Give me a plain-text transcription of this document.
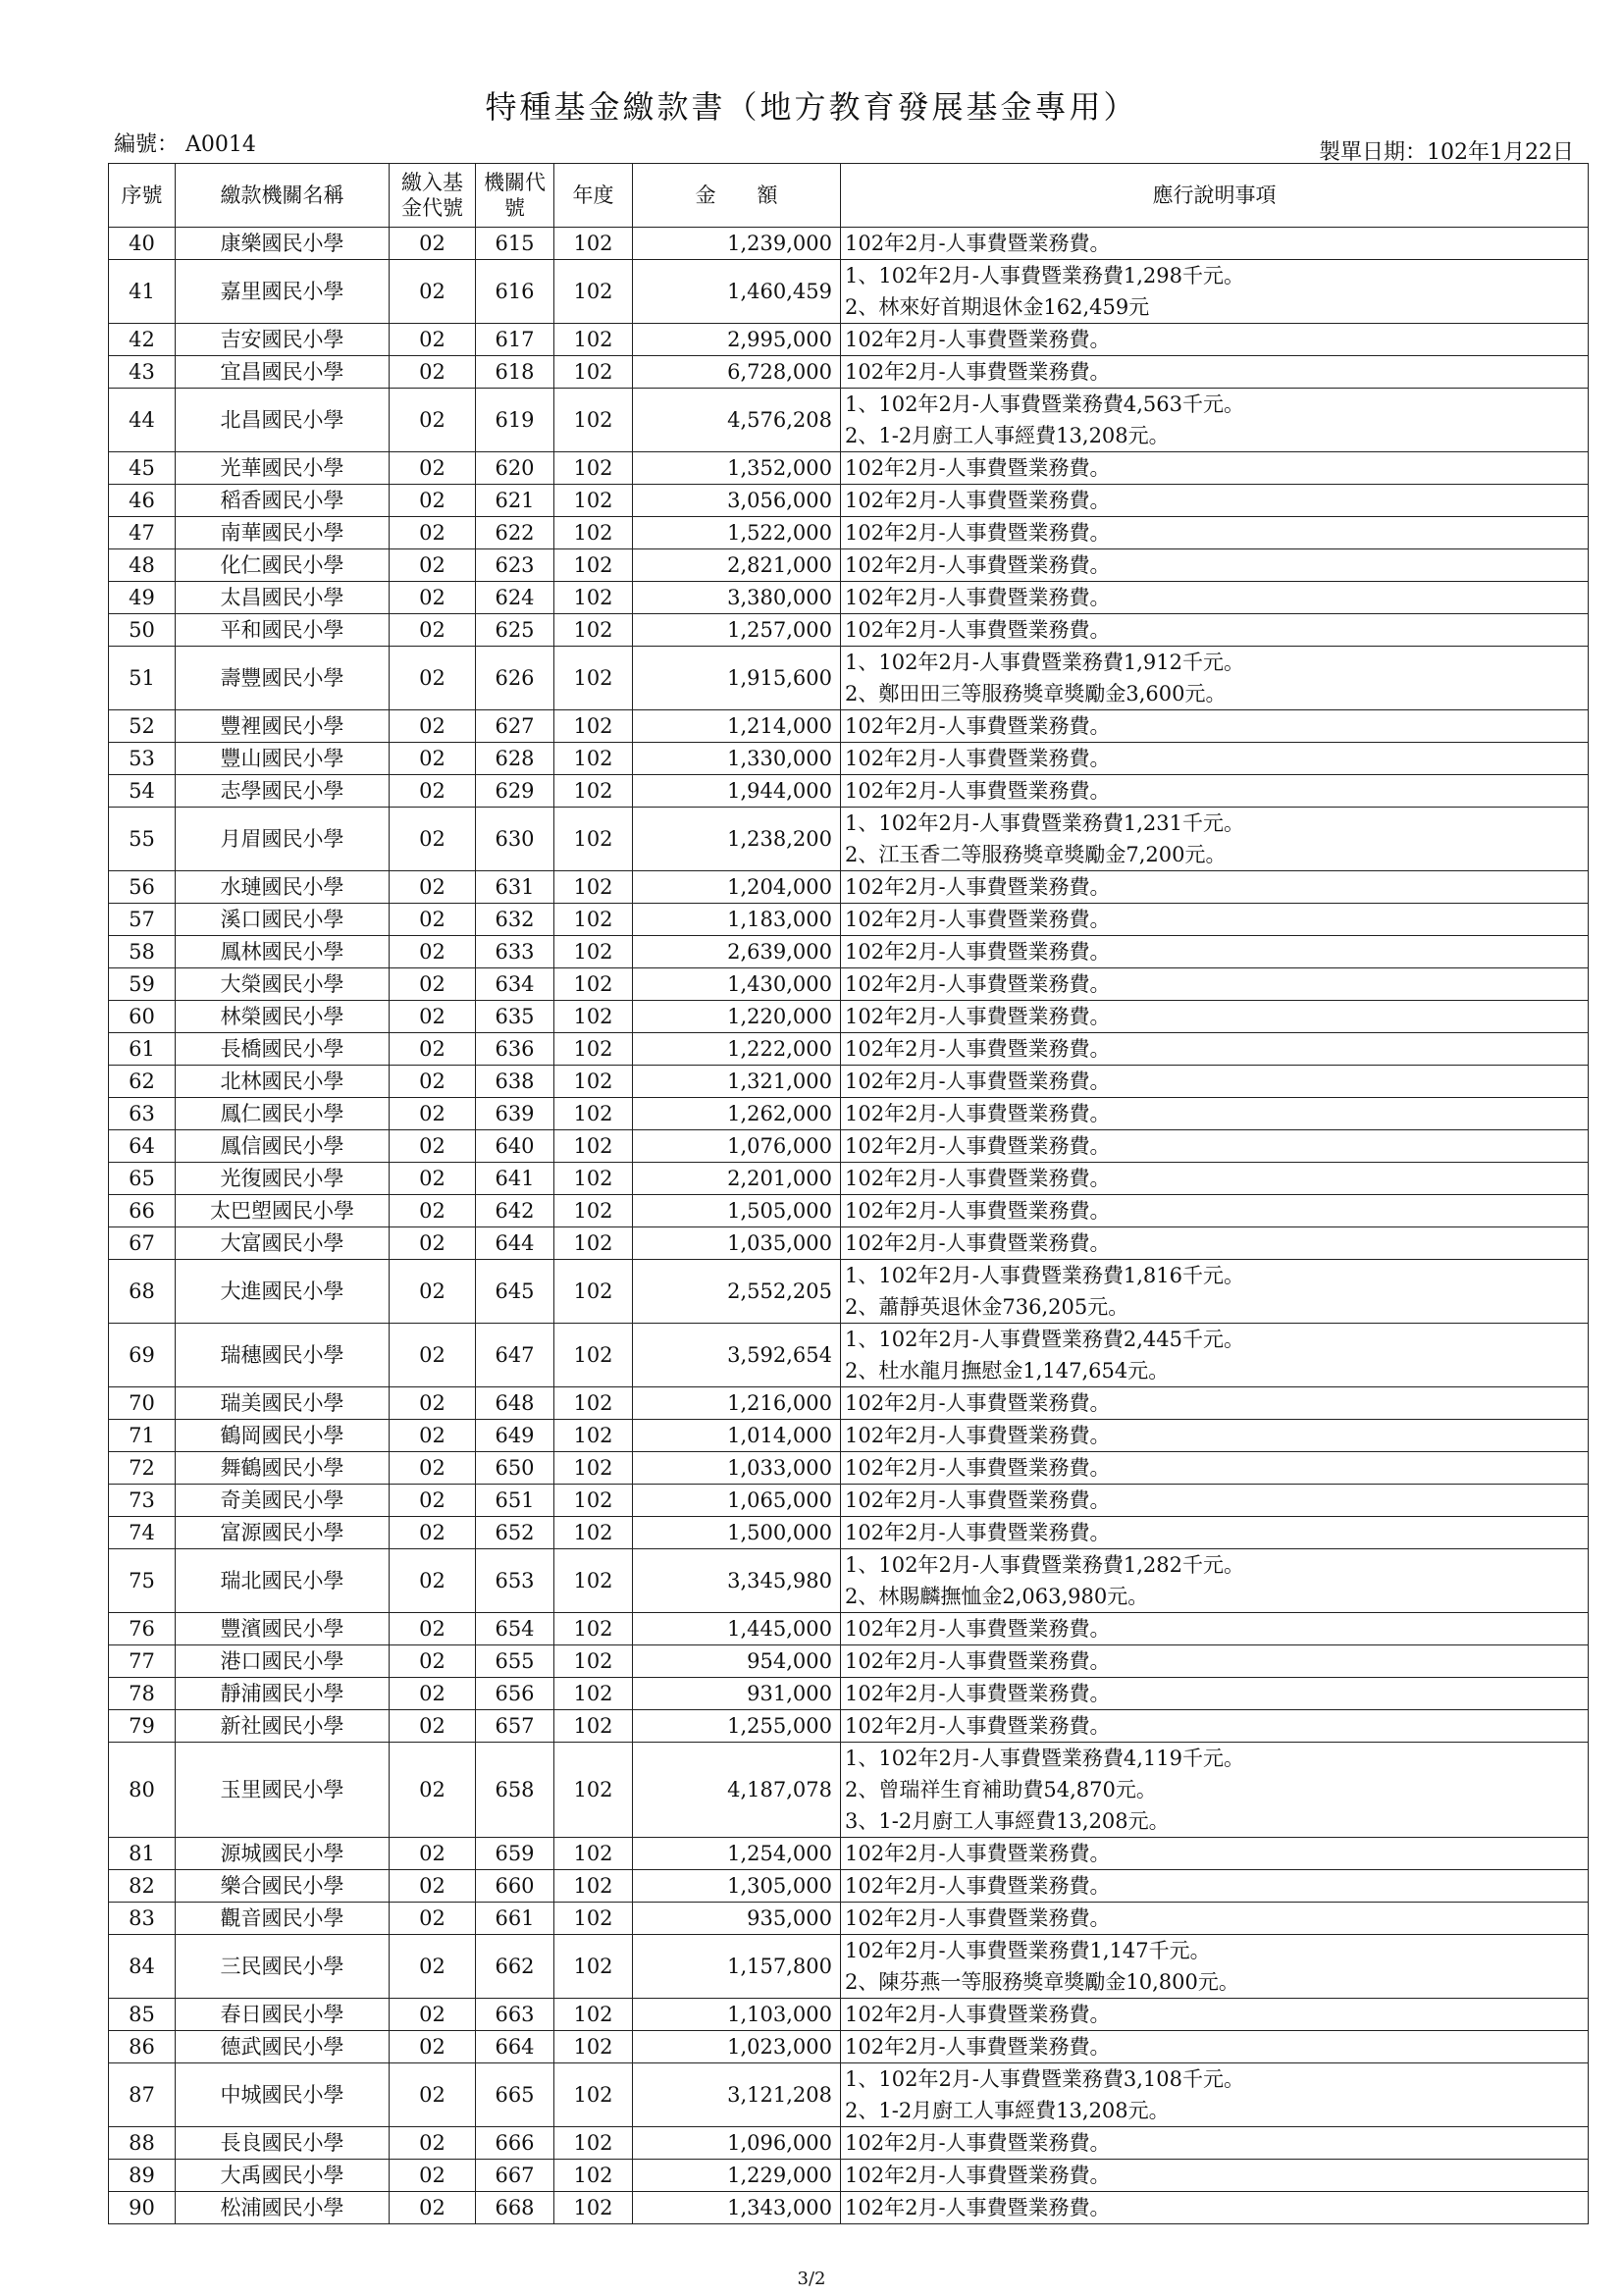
特種基金繳款書（地方教育發展基金專用）
編號： A0014	製單日期：102年1月22日
序號	繳款機關名稱	繳入基金代號	機關代號	年度	金　　額	應行說明事項
40	康樂國民小學	02	615	102	1,239,000	102年2月-人事費暨業務費。

41	嘉里國民小學	02	616	102	1,460,459	1、102年2月-人事費暨業務費1,298千元。
2、林來好首期退休金162,459元

42	吉安國民小學	02	617	102	2,995,000	102年2月-人事費暨業務費。

43	宜昌國民小學	02	618	102	6,728,000	102年2月-人事費暨業務費。

44	北昌國民小學	02	619	102	4,576,208	1、102年2月-人事費暨業務費4,563千元。
2、1-2月廚工人事經費13,208元。

45	光華國民小學	02	620	102	1,352,000	102年2月-人事費暨業務費。

46	稻香國民小學	02	621	102	3,056,000	102年2月-人事費暨業務費。

47	南華國民小學	02	622	102	1,522,000	102年2月-人事費暨業務費。

48	化仁國民小學	02	623	102	2,821,000	102年2月-人事費暨業務費。

49	太昌國民小學	02	624	102	3,380,000	102年2月-人事費暨業務費。

50	平和國民小學	02	625	102	1,257,000	102年2月-人事費暨業務費。

51	壽豐國民小學	02	626	102	1,915,600	1、102年2月-人事費暨業務費1,912千元。
2、鄭田田三等服務獎章獎勵金3,600元。

52	豐裡國民小學	02	627	102	1,214,000	102年2月-人事費暨業務費。

53	豐山國民小學	02	628	102	1,330,000	102年2月-人事費暨業務費。

54	志學國民小學	02	629	102	1,944,000	102年2月-人事費暨業務費。

55	月眉國民小學	02	630	102	1,238,200	1、102年2月-人事費暨業務費1,231千元。
2、江玉香二等服務獎章獎勵金7,200元。

56	水璉國民小學	02	631	102	1,204,000	102年2月-人事費暨業務費。

57	溪口國民小學	02	632	102	1,183,000	102年2月-人事費暨業務費。

58	鳳林國民小學	02	633	102	2,639,000	102年2月-人事費暨業務費。

59	大榮國民小學	02	634	102	1,430,000	102年2月-人事費暨業務費。

60	林榮國民小學	02	635	102	1,220,000	102年2月-人事費暨業務費。

61	長橋國民小學	02	636	102	1,222,000	102年2月-人事費暨業務費。

62	北林國民小學	02	638	102	1,321,000	102年2月-人事費暨業務費。

63	鳳仁國民小學	02	639	102	1,262,000	102年2月-人事費暨業務費。

64	鳳信國民小學	02	640	102	1,076,000	102年2月-人事費暨業務費。

65	光復國民小學	02	641	102	2,201,000	102年2月-人事費暨業務費。

66	太巴塱國民小學	02	642	102	1,505,000	102年2月-人事費暨業務費。

67	大富國民小學	02	644	102	1,035,000	102年2月-人事費暨業務費。

68	大進國民小學	02	645	102	2,552,205	1、102年2月-人事費暨業務費1,816千元。
2、蕭靜英退休金736,205元。

69	瑞穗國民小學	02	647	102	3,592,654	1、102年2月-人事費暨業務費2,445千元。
2、杜水龍月撫慰金1,147,654元。

70	瑞美國民小學	02	648	102	1,216,000	102年2月-人事費暨業務費。

71	鶴岡國民小學	02	649	102	1,014,000	102年2月-人事費暨業務費。

72	舞鶴國民小學	02	650	102	1,033,000	102年2月-人事費暨業務費。

73	奇美國民小學	02	651	102	1,065,000	102年2月-人事費暨業務費。

74	富源國民小學	02	652	102	1,500,000	102年2月-人事費暨業務費。

75	瑞北國民小學	02	653	102	3,345,980	1、102年2月-人事費暨業務費1,282千元。
2、林賜麟撫恤金2,063,980元。

76	豐濱國民小學	02	654	102	1,445,000	102年2月-人事費暨業務費。

77	港口國民小學	02	655	102	954,000	102年2月-人事費暨業務費。

78	靜浦國民小學	02	656	102	931,000	102年2月-人事費暨業務費。

79	新社國民小學	02	657	102	1,255,000	102年2月-人事費暨業務費。

80	玉里國民小學	02	658	102	4,187,078	1、102年2月-人事費暨業務費4,119千元。
2、曾瑞祥生育補助費54,870元。
3、1-2月廚工人事經費13,208元。

81	源城國民小學	02	659	102	1,254,000	102年2月-人事費暨業務費。

82	樂合國民小學	02	660	102	1,305,000	102年2月-人事費暨業務費。

83	觀音國民小學	02	661	102	935,000	102年2月-人事費暨業務費。

84	三民國民小學	02	662	102	1,157,800	102年2月-人事費暨業務費1,147千元。
2、陳芬燕一等服務獎章獎勵金10,800元。

85	春日國民小學	02	663	102	1,103,000	102年2月-人事費暨業務費。

86	德武國民小學	02	664	102	1,023,000	102年2月-人事費暨業務費。

87	中城國民小學	02	665	102	3,121,208	1、102年2月-人事費暨業務費3,108千元。
2、1-2月廚工人事經費13,208元。

88	長良國民小學	02	666	102	1,096,000	102年2月-人事費暨業務費。

89	大禹國民小學	02	667	102	1,229,000	102年2月-人事費暨業務費。

90	松浦國民小學	02	668	102	1,343,000	102年2月-人事費暨業務費。
3/2
